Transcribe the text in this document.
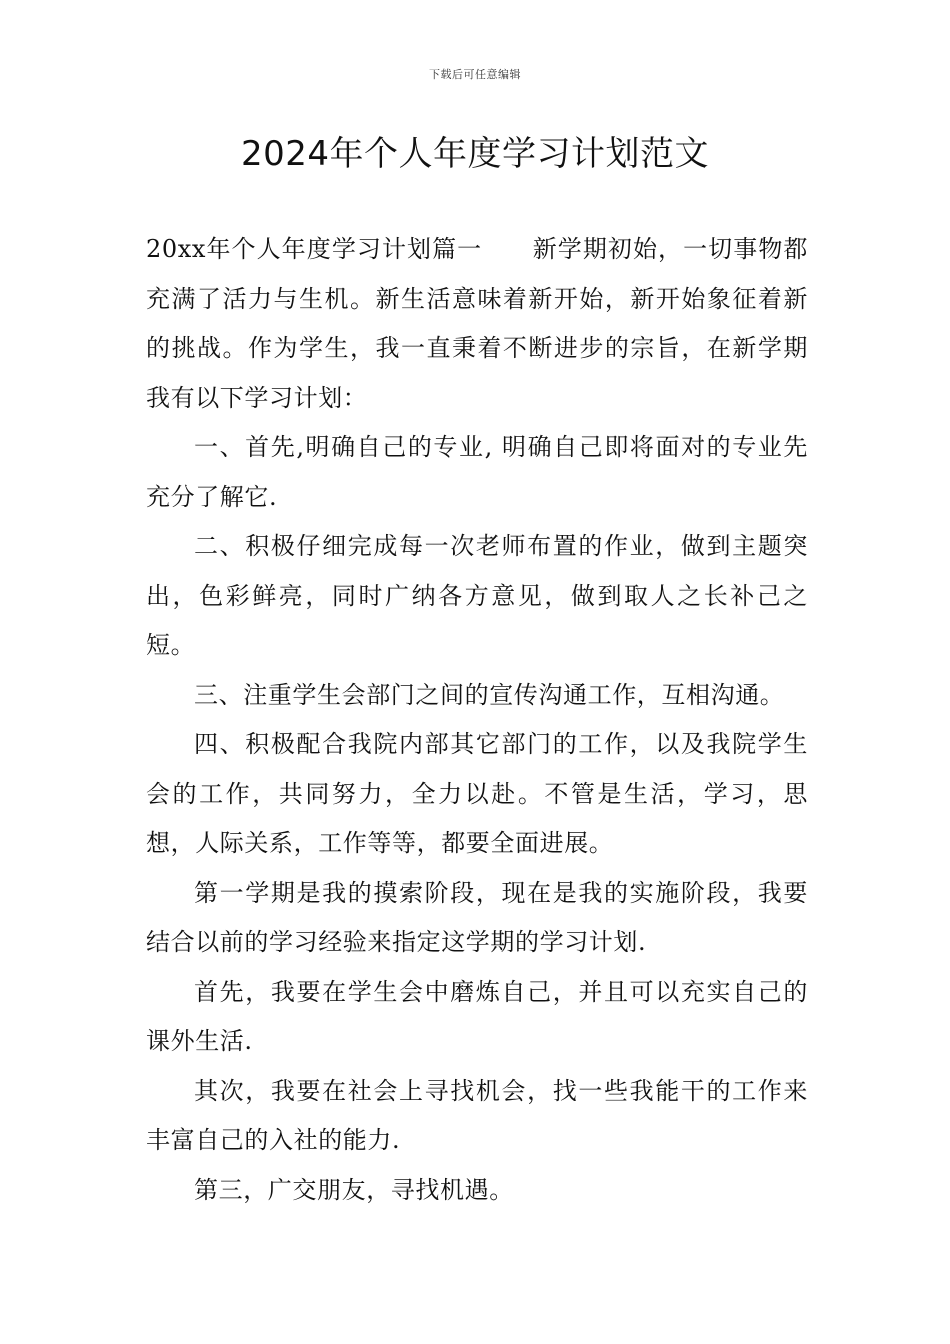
下载后可任意编辑
2024年个人年度学习计划范文

20xx年个人年度学习计划篇一 新学期初始，一切事物都充满了活力与生机。新生活意味着新开始，新开始象征着新的挑战。作为学生，我一直秉着不断进步的宗旨，在新学期我有以下学习计划：

一、首先,明确自己的专业, 明确自己即将面对的专业先充分了解它.

二、积极仔细完成每一次老师布置的作业，做到主题突出，色彩鲜亮，同时广纳各方意见，做到取人之长补己之短。

三、注重学生会部门之间的宣传沟通工作，互相沟通。

四、积极配合我院内部其它部门的工作，以及我院学生会的工作，共同努力，全力以赴。不管是生活，学习，思想，人际关系，工作等等，都要全面进展。

第一学期是我的摸索阶段，现在是我的实施阶段，我要结合以前的学习经验来指定这学期的学习计划.

首先，我要在学生会中磨炼自己，并且可以充实自己的课外生活.

其次，我要在社会上寻找机会，找一些我能干的工作来丰富自己的入社的能力.

第三，广交朋友，寻找机遇。
